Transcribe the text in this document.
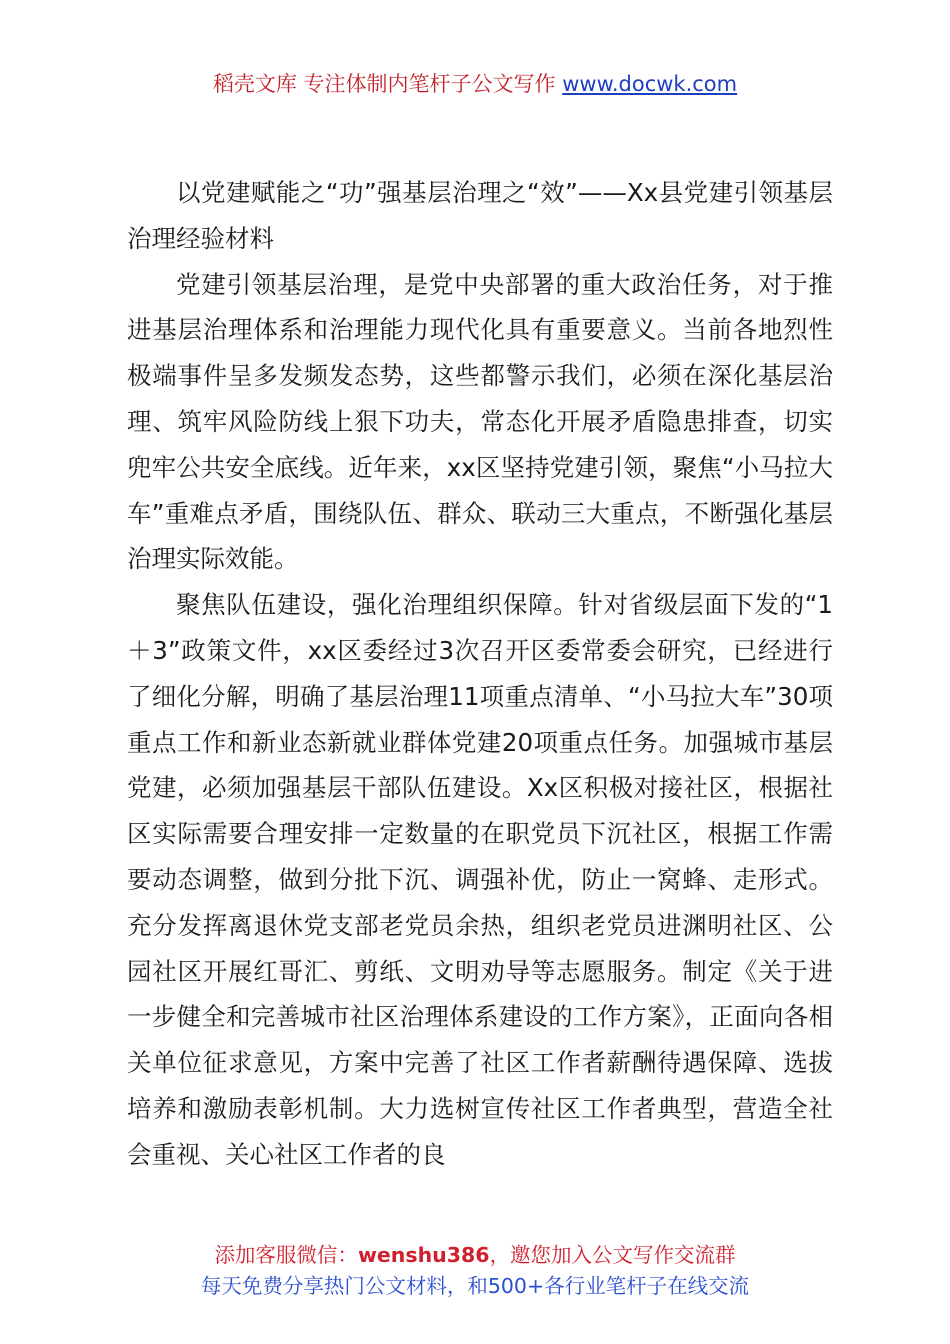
稻壳文库 专注体制内笔杆子公文写作 www.docwk.com

以党建赋能之“功”强基层治理之“效”——Xx县党建引领基层治理经验材料

党建引领基层治理，是党中央部署的重大政治任务，对于推进基层治理体系和治理能力现代化具有重要意义。当前各地烈性极端事件呈多发频发态势，这些都警示我们，必须在深化基层治理、筑牢风险防线上狠下功夫，常态化开展矛盾隐患排查，切实兜牢公共安全底线。近年来，xx区坚持党建引领，聚焦“小马拉大车”重难点矛盾，围绕队伍、群众、联动三大重点，不断强化基层治理实际效能。

聚焦队伍建设，强化治理组织保障。针对省级层面下发的“1＋3”政策文件，xx区委经过3次召开区委常委会研究，已经进行了细化分解，明确了基层治理11项重点清单、“小马拉大车”30项重点工作和新业态新就业群体党建20项重点任务。加强城市基层党建，必须加强基层干部队伍建设。Xx区积极对接社区，根据社区实际需要合理安排一定数量的在职党员下沉社区，根据工作需要动态调整，做到分批下沉、调强补优，防止一窝蜂、走形式。充分发挥离退休党支部老党员余热，组织老党员进渊明社区、公园社区开展红哥汇、剪纸、文明劝导等志愿服务。制定《关于进一步健全和完善城市社区治理体系建设的工作方案》，正面向各相关单位征求意见，方案中完善了社区工作者薪酬待遇保障、选拔培养和激励表彰机制。大力选树宣传社区工作者典型，营造全社会重视、关心社区工作者的良

添加客服微信：wenshu386，邀您加入公文写作交流群
每天免费分享热门公文材料，和500+各行业笔杆子在线交流
